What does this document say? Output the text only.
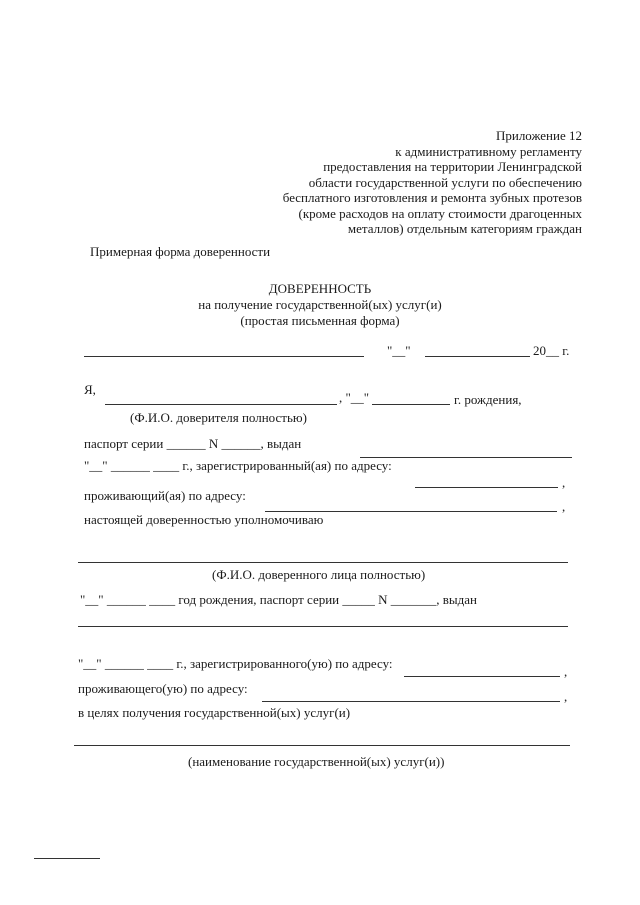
Приложение 12
к административному регламенту
предоставления на территории Ленинградской
области государственной услуги по обеспечению
бесплатного изготовления и ремонта зубных протезов
(кроме расходов на оплату стоимости драгоценных
металлов) отдельным категориям граждан
Примерная форма доверенности
ДОВЕРЕННОСТЬ
на получение государственной(ых) услуг(и)
(простая письменная форма)
"__"	20__ г.
Я,
, "__"	г. рождения,
(Ф.И.О. доверителя полностью)
паспорт серии ______ N ______, выдан
"__" ______ ____ г., зарегистрированный(ая) по адресу:
,
проживающий(ая) по адресу:
,
настоящей доверенностью уполномочиваю
(Ф.И.О. доверенного лица полностью)
"__" ______ ____ год рождения, паспорт серии _____ N _______, выдан
"__" ______ ____ г., зарегистрированного(ую) по адресу:
,
проживающего(ую) по адресу:
,
в целях получения государственной(ых) услуг(и)
(наименование государственной(ых) услуг(и))
